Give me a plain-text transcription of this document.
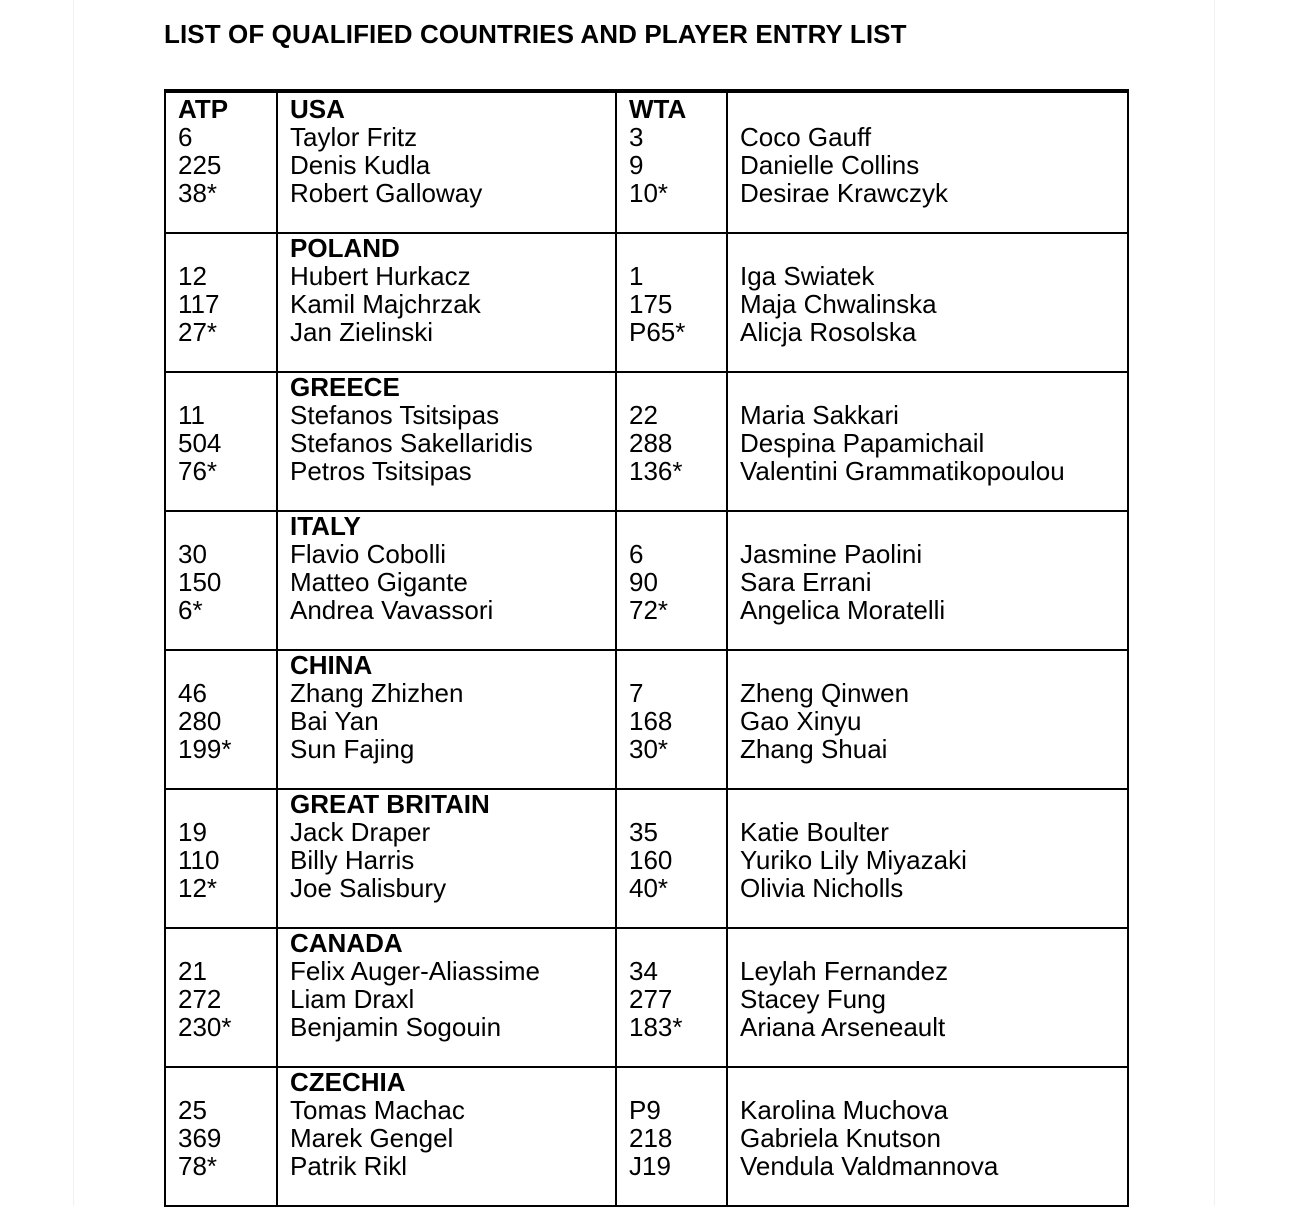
LIST OF QUALIFIED COUNTRIES AND PLAYER ENTRY LIST
ATP
6
225
38*	USA
Taylor Fritz
Denis Kudla
Robert Galloway	WTA
3
9
10*	Coco Gauff
Danielle Collins
Desirae Krawczyk

12
117
27*	POLAND
Hubert Hurkacz
Kamil Majchrzak
Jan Zielinski	1
175
P65*	Iga Swiatek
Maja Chwalinska
Alicja Rosolska

11
504
76*	GREECE
Stefanos Tsitsipas
Stefanos Sakellaridis
Petros Tsitsipas	22
288
136*	Maria Sakkari
Despina Papamichail
Valentini Grammatikopoulou

30
150
6*	ITALY
Flavio Cobolli
Matteo Gigante
Andrea Vavassori	6
90
72*	Jasmine Paolini
Sara Errani
Angelica Moratelli

46
280
199*	CHINA
Zhang Zhizhen
Bai Yan
Sun Fajing	7
168
30*	Zheng Qinwen
Gao Xinyu
Zhang Shuai

19
110
12*	GREAT BRITAIN
Jack Draper
Billy Harris
Joe Salisbury	35
160
40*	Katie Boulter
Yuriko Lily Miyazaki
Olivia Nicholls

21
272
230*	CANADA
Felix Auger-Aliassime
Liam Draxl
Benjamin Sogouin	34
277
183*	Leylah Fernandez
Stacey Fung
Ariana Arseneault

25
369
78*	CZECHIA
Tomas Machac
Marek Gengel
Patrik Rikl	P9
218
J19	Karolina Muchova
Gabriela Knutson
Vendula Valdmannova
